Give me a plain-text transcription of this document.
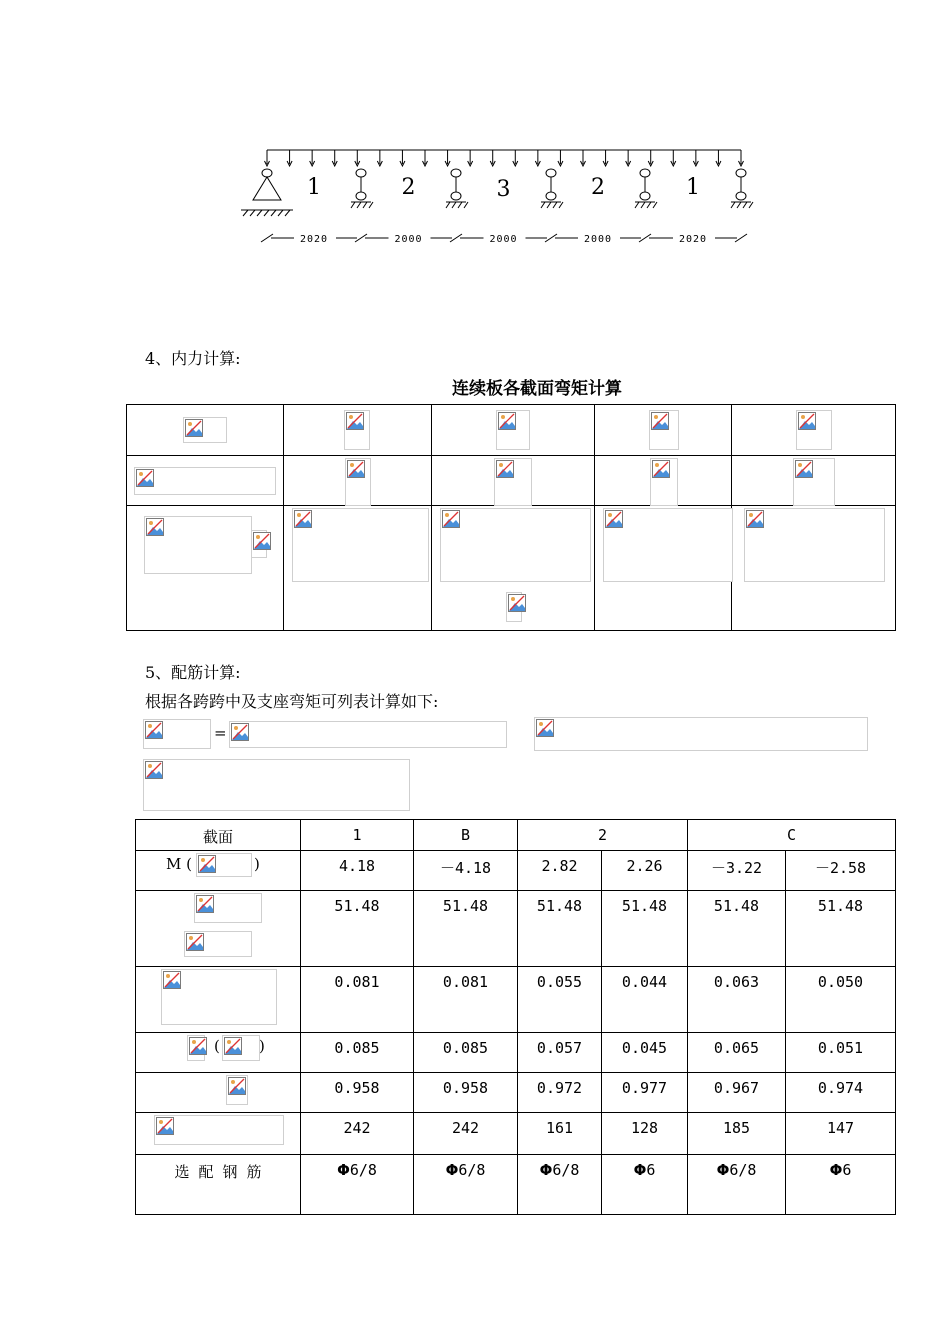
1	2	3	2	1
2020	2000	2000	2000	2020
4、内力计算:
连续板各截面弯矩计算

5、配筋计算:
根据各跨跨中及支座弯矩可列表计算如下:
=
截面	1	B	2		C	

M ( )	4.18	－4.18	2.82	2.26	－3.22	－2.58

	51.48	51.48	51.48	51.48	51.48	51.48

	0.081	0.081	0.055	0.044	0.063	0.050

( )	0.085	0.085	0.057	0.045	0.065	0.051

	0.958	0.958	0.972	0.977	0.967	0.974

	242	242	161	128	185	147
选 配 钢 筋	Φ6/8	Φ6/8	Φ6/8	Φ6	Φ6/8	Φ6
